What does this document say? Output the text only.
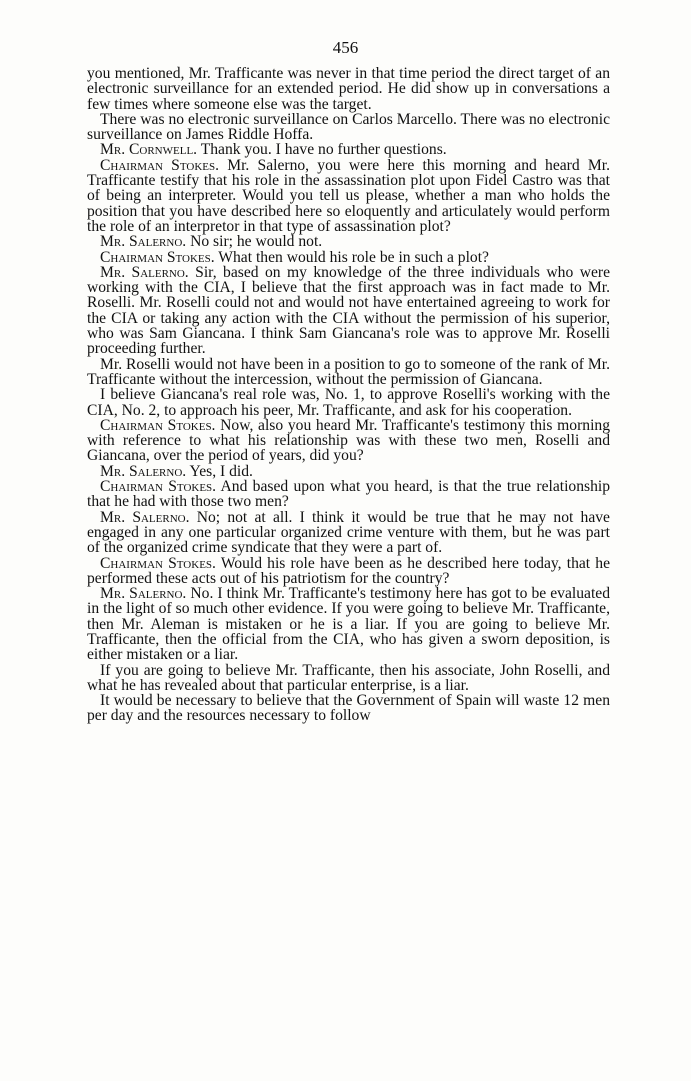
456

you mentioned, Mr. Trafficante was never in that time period the direct target of an electronic surveillance for an extended period. He did show up in conversations a few times where someone else was the target.

There was no electronic surveillance on Carlos Marcello. There was no electronic surveillance on James Riddle Hoffa.

Mr. Cornwell. Thank you. I have no further questions.

Chairman Stokes. Mr. Salerno, you were here this morning and heard Mr. Trafficante testify that his role in the assassination plot upon Fidel Castro was that of being an interpreter. Would you tell us please, whether a man who holds the position that you have described here so eloquently and articulately would perform the role of an interpretor in that type of assassination plot?

Mr. Salerno. No sir; he would not.

Chairman Stokes. What then would his role be in such a plot?

Mr. Salerno. Sir, based on my knowledge of the three individuals who were working with the CIA, I believe that the first approach was in fact made to Mr. Roselli. Mr. Roselli could not and would not have entertained agreeing to work for the CIA or taking any action with the CIA without the permission of his superior, who was Sam Giancana. I think Sam Giancana's role was to approve Mr. Roselli proceeding further.

Mr. Roselli would not have been in a position to go to someone of the rank of Mr. Trafficante without the intercession, without the permission of Giancana.

I believe Giancana's real role was, No. 1, to approve Roselli's working with the CIA, No. 2, to approach his peer, Mr. Trafficante, and ask for his cooperation.

Chairman Stokes. Now, also you heard Mr. Trafficante's testimony this morning with reference to what his relationship was with these two men, Roselli and Giancana, over the period of years, did you?

Mr. Salerno. Yes, I did.

Chairman Stokes. And based upon what you heard, is that the true relationship that he had with those two men?

Mr. Salerno. No; not at all. I think it would be true that he may not have engaged in any one particular organized crime venture with them, but he was part of the organized crime syndicate that they were a part of.

Chairman Stokes. Would his role have been as he described here today, that he performed these acts out of his patriotism for the country?

Mr. Salerno. No. I think Mr. Trafficante's testimony here has got to be evaluated in the light of so much other evidence. If you were going to believe Mr. Trafficante, then Mr. Aleman is mistaken or he is a liar. If you are going to believe Mr. Trafficante, then the official from the CIA, who has given a sworn deposition, is either mistaken or a liar.

If you are going to believe Mr. Trafficante, then his associate, John Roselli, and what he has revealed about that particular enterprise, is a liar.

It would be necessary to believe that the Government of Spain will waste 12 men per day and the resources necessary to follow
